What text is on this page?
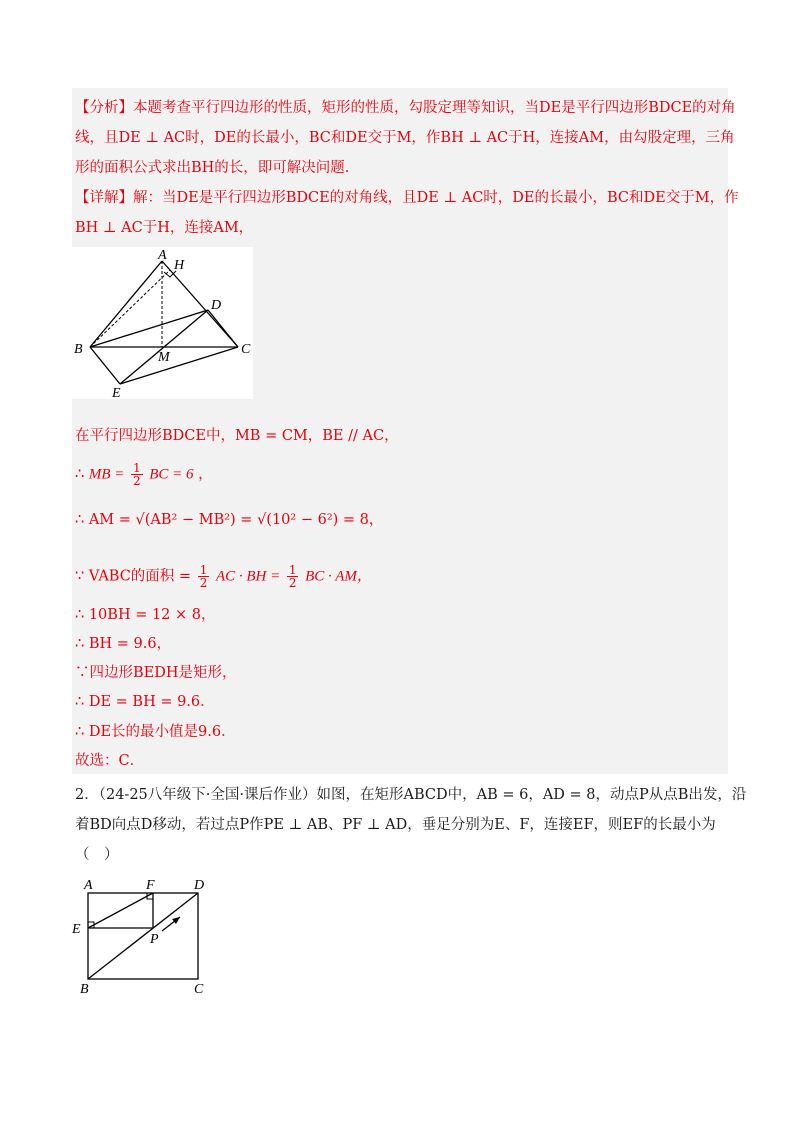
【分析】本题考查平行四边形的性质，矩形的性质，勾股定理等知识，当DE是平行四边形BDCE的对角
线，且DE ⊥ AC时，DE的长最小，BC和DE交于M，作BH ⊥ AC于H，连接AM，由勾股定理，三角
形的面积公式求出BH的长，即可解决问题.
【详解】解：当DE是平行四边形BDCE的对角线，且DE ⊥ AC时，DE的长最小，BC和DE交于M，作
BH ⊥ AC于H，连接AM，
A
H
D
B
M
C
E
在平行四边形BDCE中，MB = CM，BE // AC，
∴ MB = $\frac{1}{2}$ BC = 6 ，
∴ AM = √(AB² − MB²) = √(10² − 6²) = 8，
∵ VABC的面积 = $\frac{1}{2}$ AC · BH = $\frac{1}{2}$ BC · AM，
∴ 10BH = 12 × 8，
∴ BH = 9.6，
∵四边形BEDH是矩形，
∴ DE = BH = 9.6．
∴ DE长的最小值是9.6．
故选：C．
2．（24-25八年级下·全国·课后作业）如图，在矩形ABCD中，AB = 6，AD = 8，动点P从点B出发，沿
着BD向点D移动，若过点P作PE ⊥ AB、PF ⊥ AD，垂足分别为E、F，连接EF，则EF的长最小为
（　）
A	F	D
E
P
B	C
